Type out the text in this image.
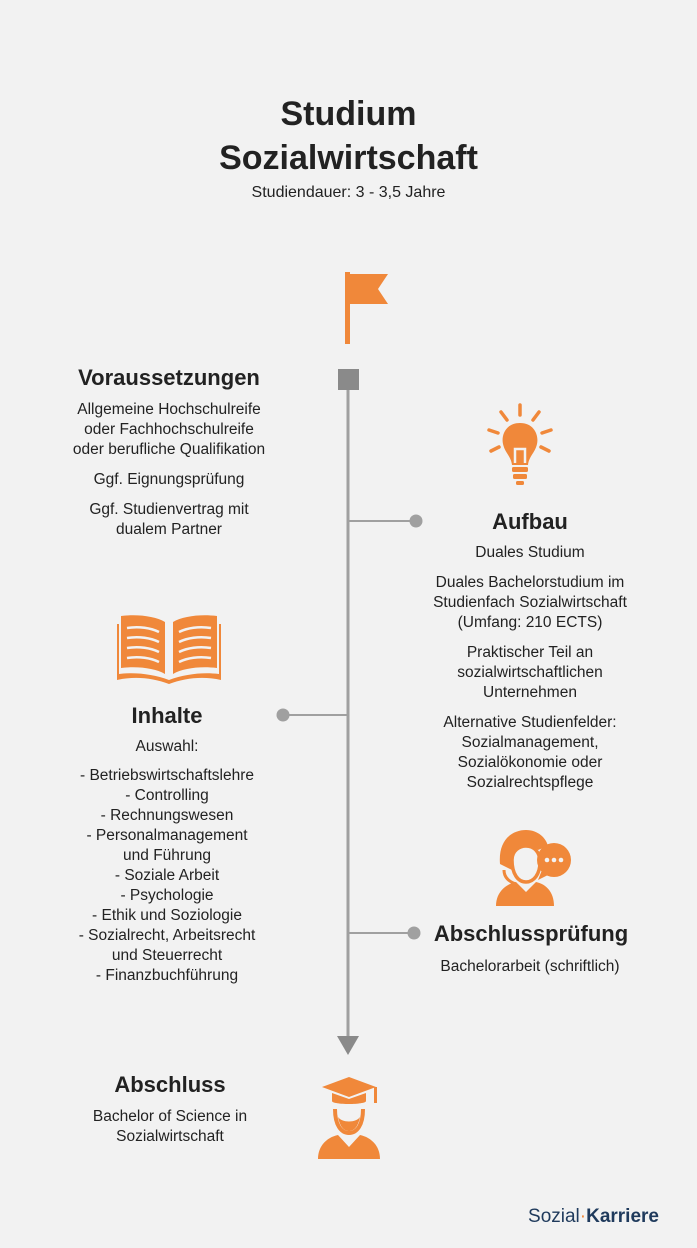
Studium
Sozialwirtschaft
Studiendauer: 3 - 3,5 Jahre
Voraussetzungen

Allgemeine Hochschulreife
oder Fachhochschulreife
oder berufliche Qualifikation

Ggf. Eignungsprüfung

Ggf. Studienvertrag mit
dualem Partner	Aufbau

Duales Studium

Duales Bachelorstudium im
Studienfach Sozialwirtschaft
(Umfang: 210 ECTS)

Praktischer Teil an
sozialwirtschaftlichen
Unternehmen

Alternative Studienfelder:
Sozialmanagement,
Sozialökonomie oder
Sozialrechtspflege

Inhalte
Auswahl:
- Betriebswirtschaftslehre
- Controlling
- Rechnungswesen
- Personalmanagement
und Führung
- Soziale Arbeit
- Psychologie
- Ethik und Soziologie
- Sozialrecht, Arbeitsrecht
und Steuerrecht
- Finanzbuchführung
Abschlussprüfung
Bachelorarbeit (schriftlich)
Abschluss
Bachelor of Science in
Sozialwirtschaft
Sozial·Karriere
